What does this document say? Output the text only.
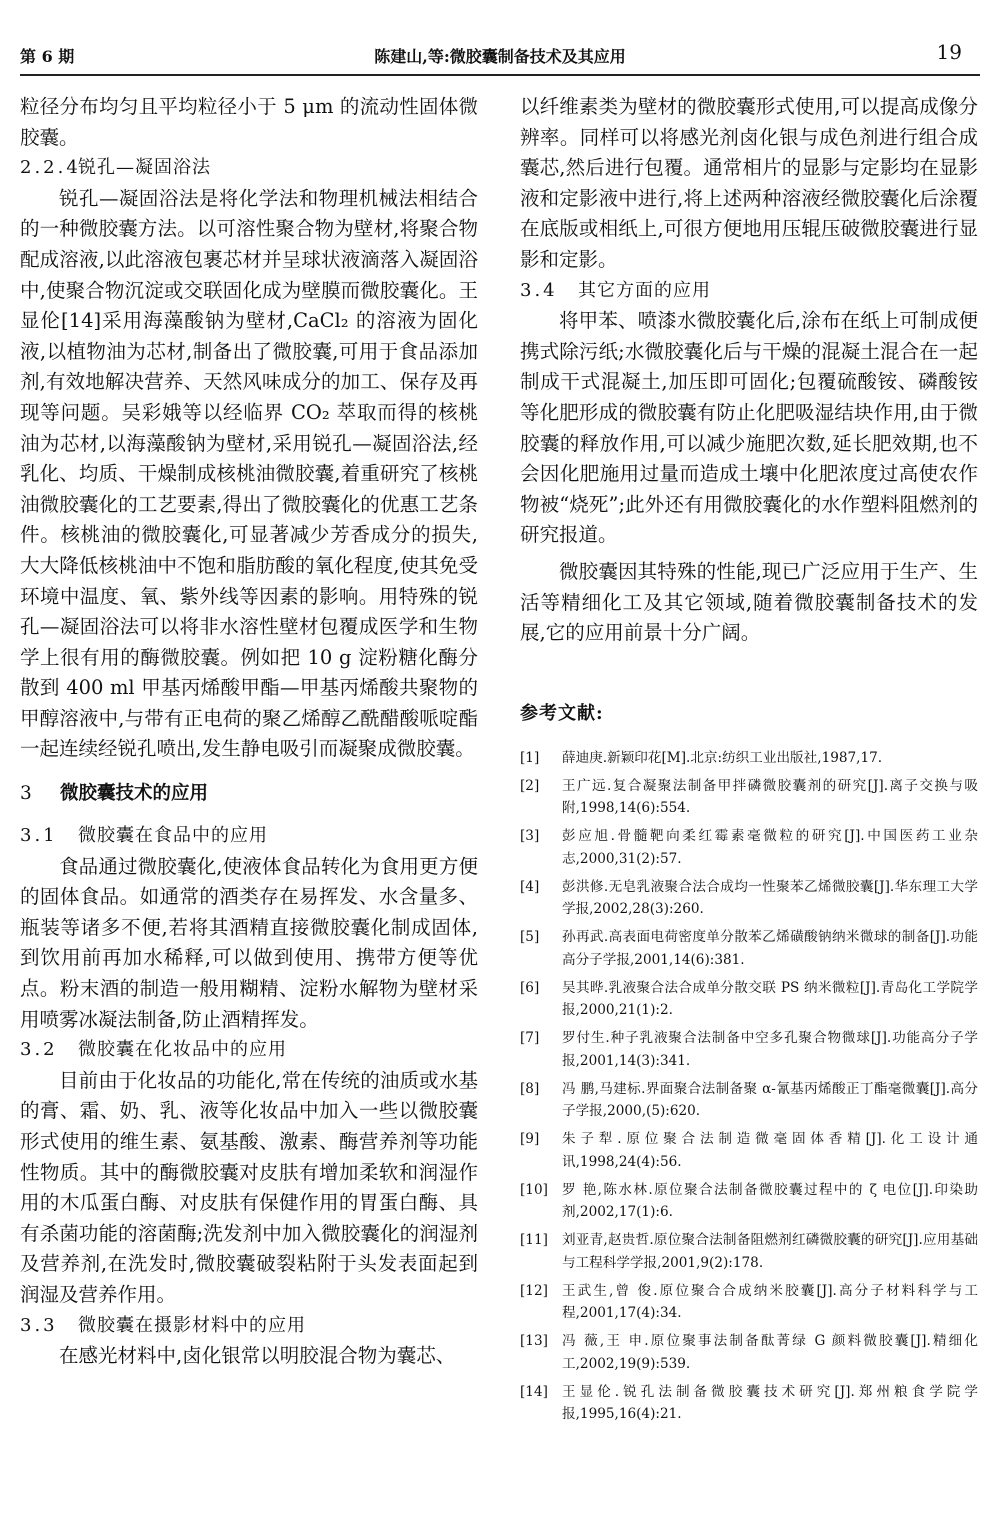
第 6 期	陈建山,等:微胶囊制备技术及其应用	19

粒径分布均匀且平均粒径小于 5 μm 的流动性固体微胶囊。

2.2.4锐孔—凝固浴法

锐孔—凝固浴法是将化学法和物理机械法相结合的一种微胶囊方法。以可溶性聚合物为壁材,将聚合物配成溶液,以此溶液包裹芯材并呈球状液滴落入凝固浴中,使聚合物沉淀或交联固化成为壁膜而微胶囊化。王显伦[14]采用海藻酸钠为壁材,CaCl₂ 的溶液为固化液,以植物油为芯材,制备出了微胶囊,可用于食品添加剂,有效地解决营养、天然风味成分的加工、保存及再现等问题。吴彩娥等以经临界 CO₂ 萃取而得的核桃油为芯材,以海藻酸钠为壁材,采用锐孔—凝固浴法,经乳化、均质、干燥制成核桃油微胶囊,着重研究了核桃油微胶囊化的工艺要素,得出了微胶囊化的优惠工艺条件。核桃油的微胶囊化,可显著减少芳香成分的损失,大大降低核桃油中不饱和脂肪酸的氧化程度,使其免受环境中温度、氧、紫外线等因素的影响。用特殊的锐孔—凝固浴法可以将非水溶性壁材包覆成医学和生物学上很有用的酶微胶囊。例如把 10 g 淀粉糖化酶分散到 400 ml 甲基丙烯酸甲酯—甲基丙烯酸共聚物的甲醇溶液中,与带有正电荷的聚乙烯醇乙酰醋酸哌啶酯一起连续经锐孔喷出,发生静电吸引而凝聚成微胶囊。

3 微胶囊技术的应用

3.1 微胶囊在食品中的应用

食品通过微胶囊化,使液体食品转化为食用更方便的固体食品。如通常的酒类存在易挥发、水含量多、瓶装等诸多不便,若将其酒精直接微胶囊化制成固体,到饮用前再加水稀释,可以做到使用、携带方便等优点。粉末酒的制造一般用糊精、淀粉水解物为壁材采用喷雾冰凝法制备,防止酒精挥发。

3.2 微胶囊在化妆品中的应用

目前由于化妆品的功能化,常在传统的油质或水基的膏、霜、奶、乳、液等化妆品中加入一些以微胶囊形式使用的维生素、氨基酸、激素、酶营养剂等功能性物质。其中的酶微胶囊对皮肤有增加柔软和润湿作用的木瓜蛋白酶、对皮肤有保健作用的胃蛋白酶、具有杀菌功能的溶菌酶;洗发剂中加入微胶囊化的润湿剂及营养剂,在洗发时,微胶囊破裂粘附于头发表面起到润湿及营养作用。

3.3 微胶囊在摄影材料中的应用

在感光材料中,卤化银常以明胶混合物为囊芯、

以纤维素类为壁材的微胶囊形式使用,可以提高成像分辨率。同样可以将感光剂卤化银与成色剂进行组合成囊芯,然后进行包覆。通常相片的显影与定影均在显影液和定影液中进行,将上述两种溶液经微胶囊化后涂覆在底版或相纸上,可很方便地用压辊压破微胶囊进行显影和定影。

3.4 其它方面的应用

将甲苯、喷漆水微胶囊化后,涂布在纸上可制成便携式除污纸;水微胶囊化后与干燥的混凝土混合在一起制成干式混凝土,加压即可固化;包覆硫酸铵、磷酸铵等化肥形成的微胶囊有防止化肥吸湿结块作用,由于微胶囊的释放作用,可以减少施肥次数,延长肥效期,也不会因化肥施用过量而造成土壤中化肥浓度过高使农作物被“烧死”;此外还有用微胶囊化的水作塑料阻燃剂的研究报道。

微胶囊因其特殊的性能,现已广泛应用于生产、生活等精细化工及其它领域,随着微胶囊制备技术的发展,它的应用前景十分广阔。

参考文献:
[1] 薛迪庚.新颖印花[M].北京:纺织工业出版社,1987,17.
[2] 王广远.复合凝聚法制备甲拌磷微胶囊剂的研究[J].离子交换与吸附,1998,14(6):554.
[3] 彭应旭.骨髓靶向柔红霉素毫微粒的研究[J].中国医药工业杂志,2000,31(2):57.
[4] 彭洪修.无皂乳液聚合法合成均一性聚苯乙烯微胶囊[J].华东理工大学学报,2002,28(3):260.
[5] 孙再武.高表面电荷密度单分散苯乙烯磺酸钠纳米微球的制备[J].功能高分子学报,2001,14(6):381.
[6] 吴其晔.乳液聚合法合成单分散交联 PS 纳米微粒[J].青岛化工学院学报,2000,21(1):2.
[7] 罗付生.种子乳液聚合法制备中空多孔聚合物微球[J].功能高分子学报,2001,14(3):341.
[8] 冯 鹏,马建标.界面聚合法制备聚 α-氰基丙烯酸正丁酯毫微囊[J].高分子学报,2000,(5):620.
[9] 朱子犁.原位聚合法制造微毫固体香精[J].化工设计通讯,1998,24(4):56.
[10] 罗 艳,陈水林.原位聚合法制备微胶囊过程中的 ζ 电位[J].印染助剂,2002,17(1):6.
[11] 刘亚青,赵贵哲.原位聚合法制备阻燃剂红磷微胶囊的研究[J].应用基础与工程科学学报,2001,9(2):178.
[12] 王武生,曾 俊.原位聚合合成纳米胶囊[J].高分子材料科学与工程,2001,17(4):34.
[13] 冯 薇,王 申.原位聚事法制备酞菁绿 G 颜料微胶囊[J].精细化工,2002,19(9):539.
[14] 王显伦.锐孔法制备微胶囊技术研究[J].郑州粮食学院学报,1995,16(4):21.
